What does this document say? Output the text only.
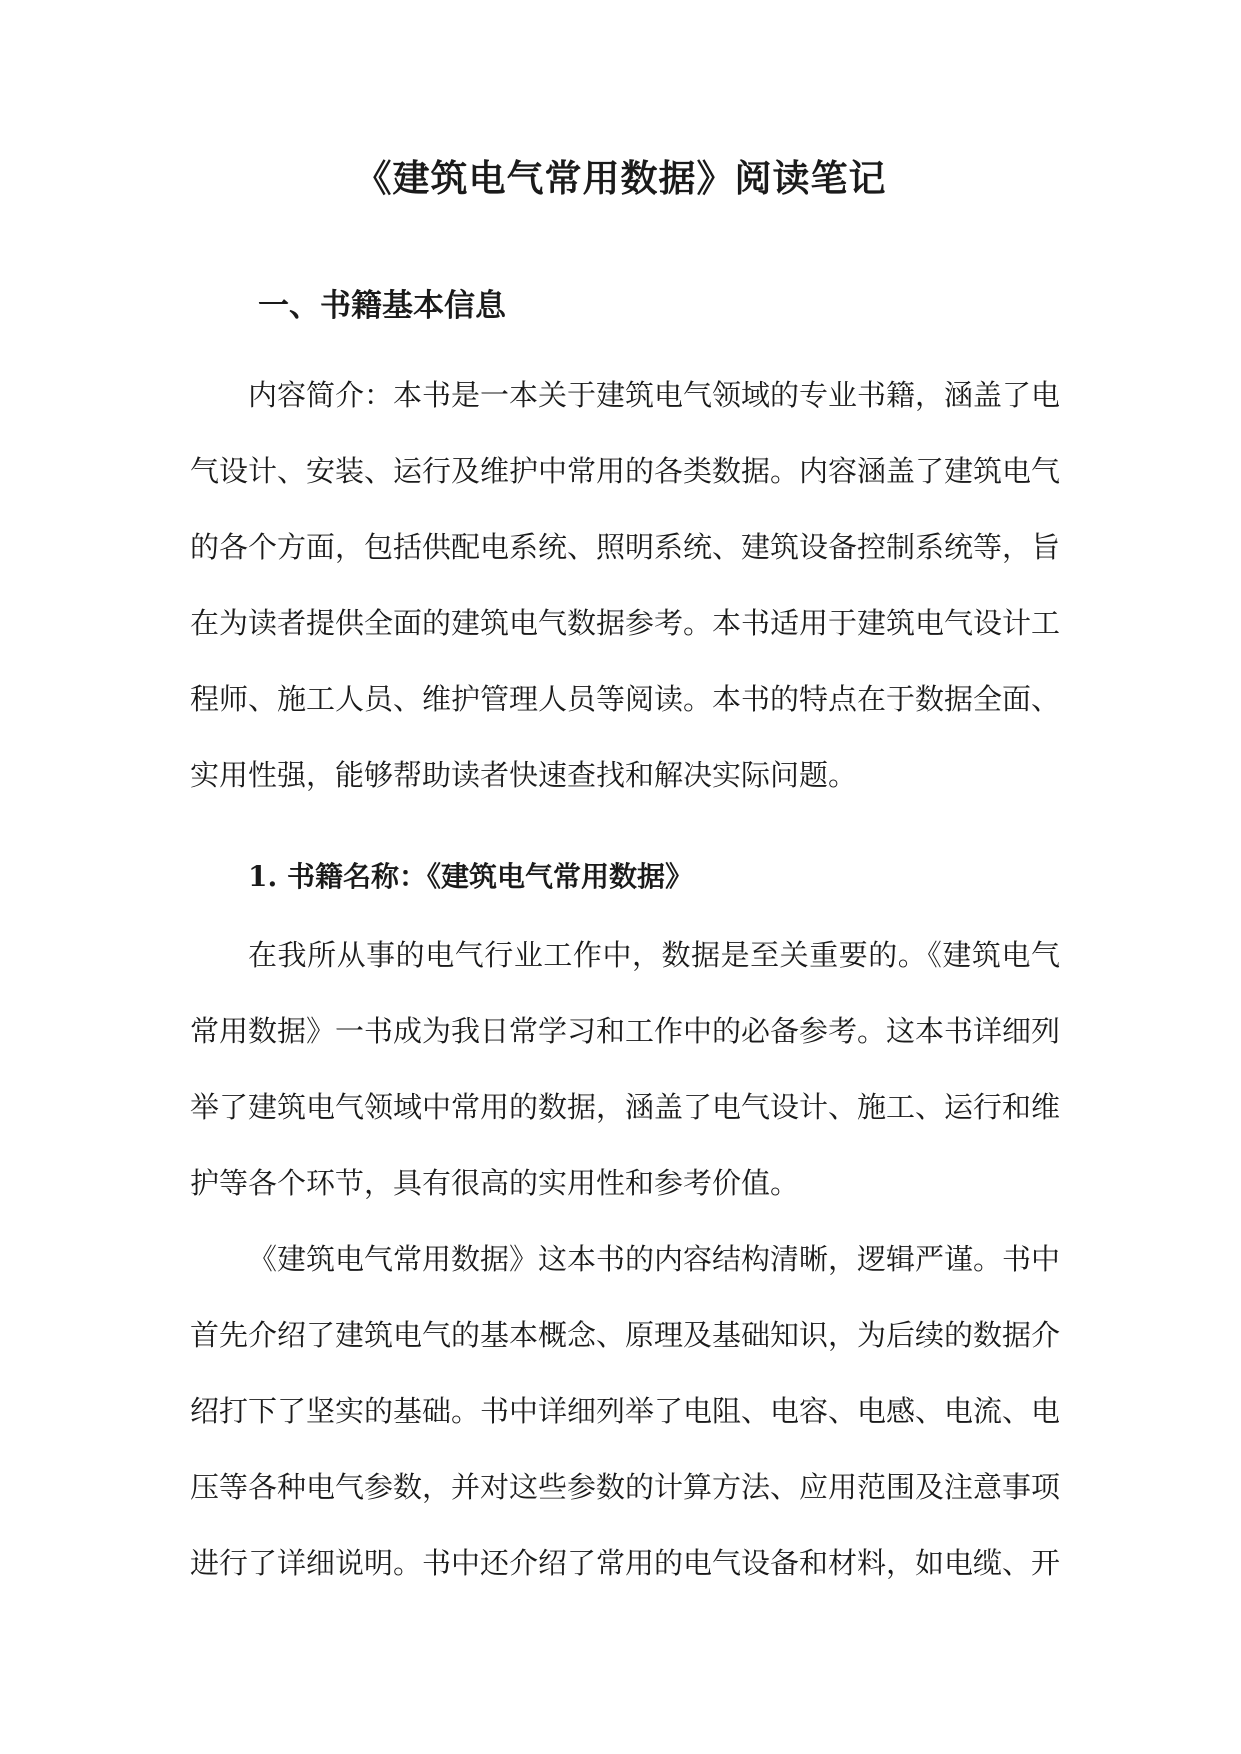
《建筑电气常用数据》阅读笔记
一、书籍基本信息

内容简介：本书是一本关于建筑电气领域的专业书籍，涵盖了电气设计、安装、运行及维护中常用的各类数据。内容涵盖了建筑电气的各个方面，包括供配电系统、照明系统、建筑设备控制系统等，旨在为读者提供全面的建筑电气数据参考。本书适用于建筑电气设计工程师、施工人员、维护管理人员等阅读。本书的特点在于数据全面、实用性强，能够帮助读者快速查找和解决实际问题。

1. 书籍名称：《建筑电气常用数据》

在我所从事的电气行业工作中，数据是至关重要的。《建筑电气常用数据》一书成为我日常学习和工作中的必备参考。这本书详细列举了建筑电气领域中常用的数据，涵盖了电气设计、施工、运行和维护等各个环节，具有很高的实用性和参考价值。

《建筑电气常用数据》这本书的内容结构清晰，逻辑严谨。书中首先介绍了建筑电气的基本概念、原理及基础知识，为后续的数据介绍打下了坚实的基础。书中详细列举了电阻、电容、电感、电流、电压等各种电气参数，并对这些参数的计算方法、应用范围及注意事项进行了详细说明。书中还介绍了常用的电气设备和材料，如电缆、开
